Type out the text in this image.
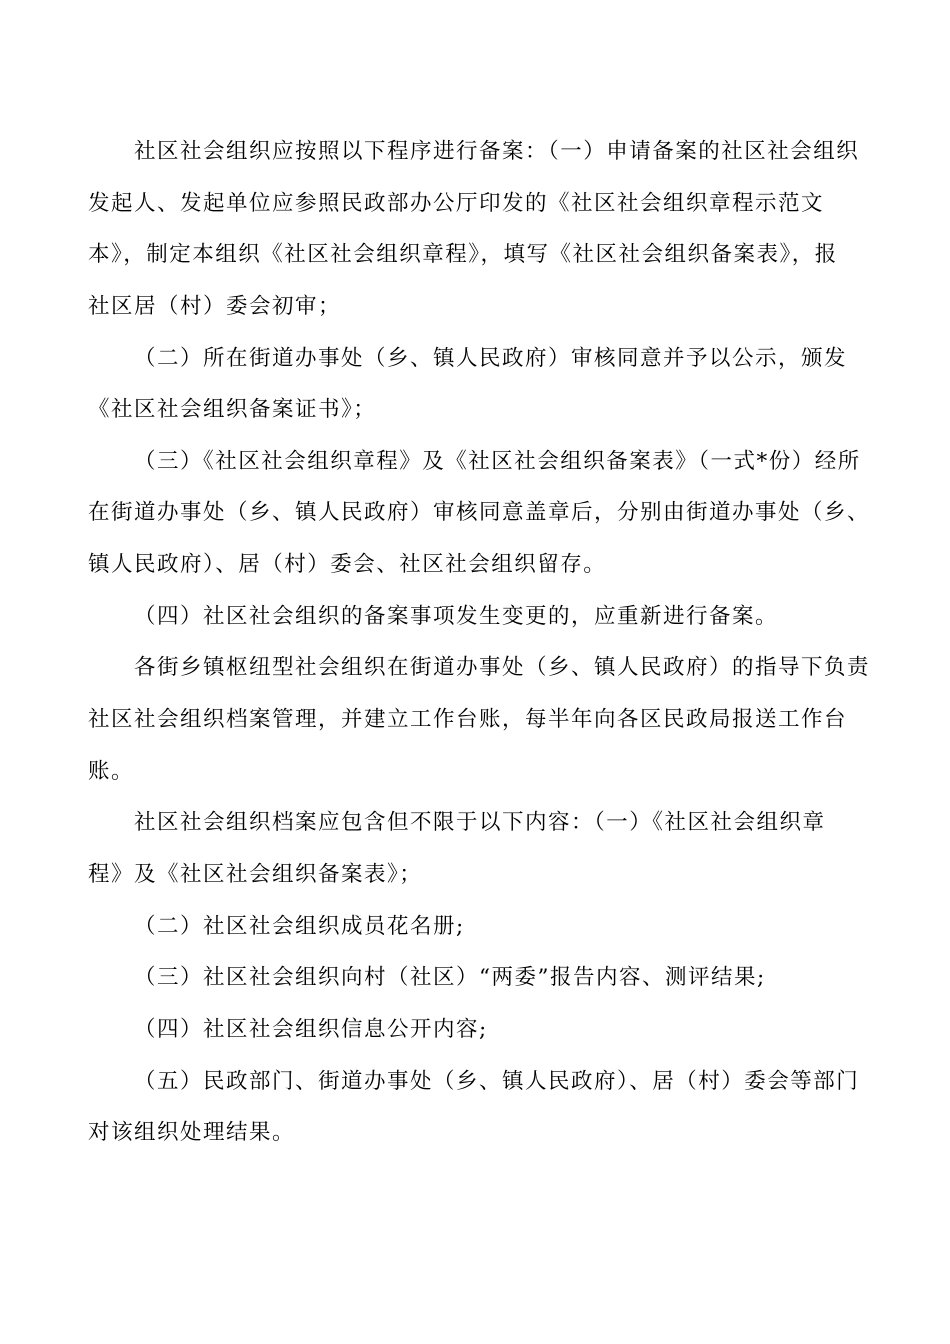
社区社会组织应按照以下程序进行备案：（一）申请备案的社区社会组织
发起人、发起单位应参照民政部办公厅印发的《社区社会组织章程示范文
本》，制定本组织《社区社会组织章程》，填写《社区社会组织备案表》，报
社区居（村）委会初审；
（二）所在街道办事处（乡、镇人民政府）审核同意并予以公示，颁发
《社区社会组织备案证书》；
（三）《社区社会组织章程》及《社区社会组织备案表》（一式*份）经所
在街道办事处（乡、镇人民政府）审核同意盖章后，分别由街道办事处（乡、
镇人民政府）、居（村）委会、社区社会组织留存。
（四）社区社会组织的备案事项发生变更的，应重新进行备案。
各街乡镇枢纽型社会组织在街道办事处（乡、镇人民政府）的指导下负责
社区社会组织档案管理，并建立工作台账，每半年向各区民政局报送工作台
账。
社区社会组织档案应包含但不限于以下内容：（一）《社区社会组织章
程》及《社区社会组织备案表》；
（二）社区社会组织成员花名册;
（三）社区社会组织向村（社区）“两委”报告内容、测评结果;
（四）社区社会组织信息公开内容;
（五）民政部门、街道办事处（乡、镇人民政府）、居（村）委会等部门
对该组织处理结果。
